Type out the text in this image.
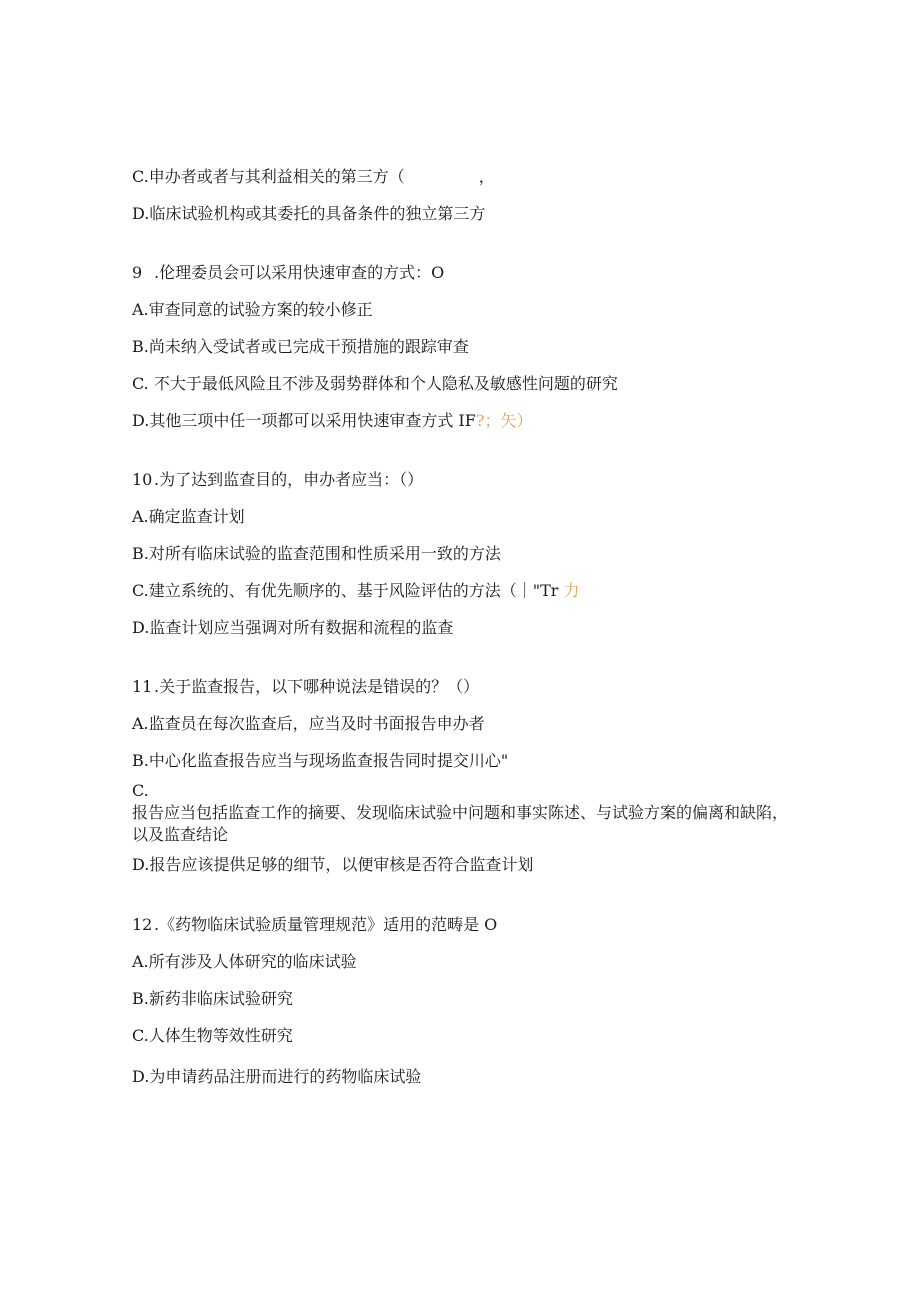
C.申办者或者与其利益相关的第三方（	，
D.临床试验机构或其委托的具备条件的独立第三方
9 .伦理委员会可以采用快速审查的方式：O
A.审查同意的试验方案的较小修正
B.尚未纳入受试者或已完成干预措施的跟踪审查
C. 不大于最低风险且不涉及弱势群体和个人隐私及敏感性问题的研究
D.其他三项中任一项都可以采用快速审查方式 IF?；矢）
10 .为了达到监查目的，申办者应当：（）
A.确定监查计划
B.对所有临床试验的监查范围和性质采用一致的方法
C.建立系统的、有优先顺序的、基于风险评估的方法（｜"Tr 力
D.监查计划应当强调对所有数据和流程的监查
11 .关于监查报告，以下哪种说法是错误的？（）
A.监查员在每次监查后，应当及时书面报告申办者
B.中心化监查报告应当与现场监查报告同时提交川心"
C.
报告应当包括监查工作的摘要、发现临床试验中问题和事实陈述、与试验方案的偏离和缺陷，以及监查结论
D.报告应该提供足够的细节，以便审核是否符合监查计划
12 .《药物临床试验质量管理规范》适用的范畴是 O
A.所有涉及人体研究的临床试验
B.新药非临床试验研究
C.人体生物等效性研究
D.为申请药品注册而进行的药物临床试验
